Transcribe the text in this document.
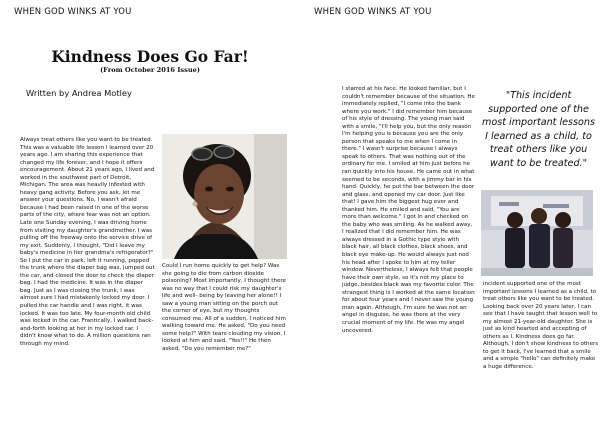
WHEN GOD WINKS AT YOU
Kindness Does Go Far!
(From October 2016 Issue)
Written by Andrea Motley

Always treat others like you want to be treated. This was a valuable life lesson I learned over 20 years ago. I am sharing this experience that changed my life forever, and I hope it offers encouragement. About 21 years ago, I lived and worked in the southwest part of Detroit, Michigan. The area was heavily infested with heavy gang activity. Before you ask, let me answer your questions. No, I wasn't afraid because I had been raised in one of the worse parts of the city, where fear was not an option. Late one Sunday evening, I was driving home from visiting my daughter's grandmother. I was pulling off the freeway onto the service drive of my exit. Suddenly, I thought, "Did I leave my baby's medicine in her grandma's refrigerator?" So I put the car in park, left it running, popped the trunk where the diaper bag was, jumped out the car, and closed the door to check the diaper bag. I had the medicine. It was in the diaper bag. Just as I was closing the trunk, I was almost sure I had mistakenly locked my door. I pulled the car handle and I was right, it was locked. It was too late. My four-month old child was locked in the car. Frantically, I walked back-and-forth looking at her in my locked car. I didn't know what to do. A million questions ran through my mind.

Could I run home quickly to get help? Was she going to die from carbon dioxide poisoning? Most importantly, I thought there was no way that I could risk my daughter's life and well- being by leaving her alone!! I saw a young man sitting on the porch out the corner of eye, but my thoughts consumed me. All of a sudden, I noticed him walking toward me. He asked, "Do you need some help?" With tears clouding my vision, I looked at him and said, "Yes!!" He then asked, "Do you remember me?"

WHEN GOD WINKS AT YOU

I starred at his face. He looked familiar, but I couldn't remember because of the situation. He immediately replied, "I come into the bank where you work." I did remember him because of his style of dressing. The young man said with a smile, "I'll help you, but the only reason I'm helping you is because you are the only person that speaks to me when I come in there." I wasn't surprise because I always speak to others. That was nothing out of the ordinary for me. I smiled at him just before he ran quickly into his house. He came out in what seemed to be seconds, with a jimmy bar in his hand. Quickly, he put the bar between the door and glass, and opened my car door. Just like that! I gave him the biggest hug ever and thanked him. He smiled and said, "You are more than welcome." I got in and checked on the baby who was smiling. As he walked away, I realized that I did remember him. He was always dressed in a Gothic type style with black hair, all black clothes, black shoes, and black eye make-up. He would always just nod his head after I spoke to him at my teller window. Nevertheless, I always felt that people have their own style, so it's not my place to judge, besides black was my favorite color. The strangest thing is I worked at the same location for about four years and I never saw the young man again. Although, I'm sure he was not an angel in disguise, he was there at the very crucial moment of my life. He was my angel uncovered.

"This incident supported one of the most important lessons I learned as a child, to treat others like you want to be treated."

incident supported one of the most important lessons I learned as a child, to treat others like you want to be treated. Looking back over 20 years later, I can see that I have taught that lesson well to my almost 21-year-old daughter. She is just as kind hearted and accepting of others as I. Kindness does go far. Although, I don't show kindness to others to get it back, I've learned that a smile and a simple "hello" can definitely make a huge difference.
